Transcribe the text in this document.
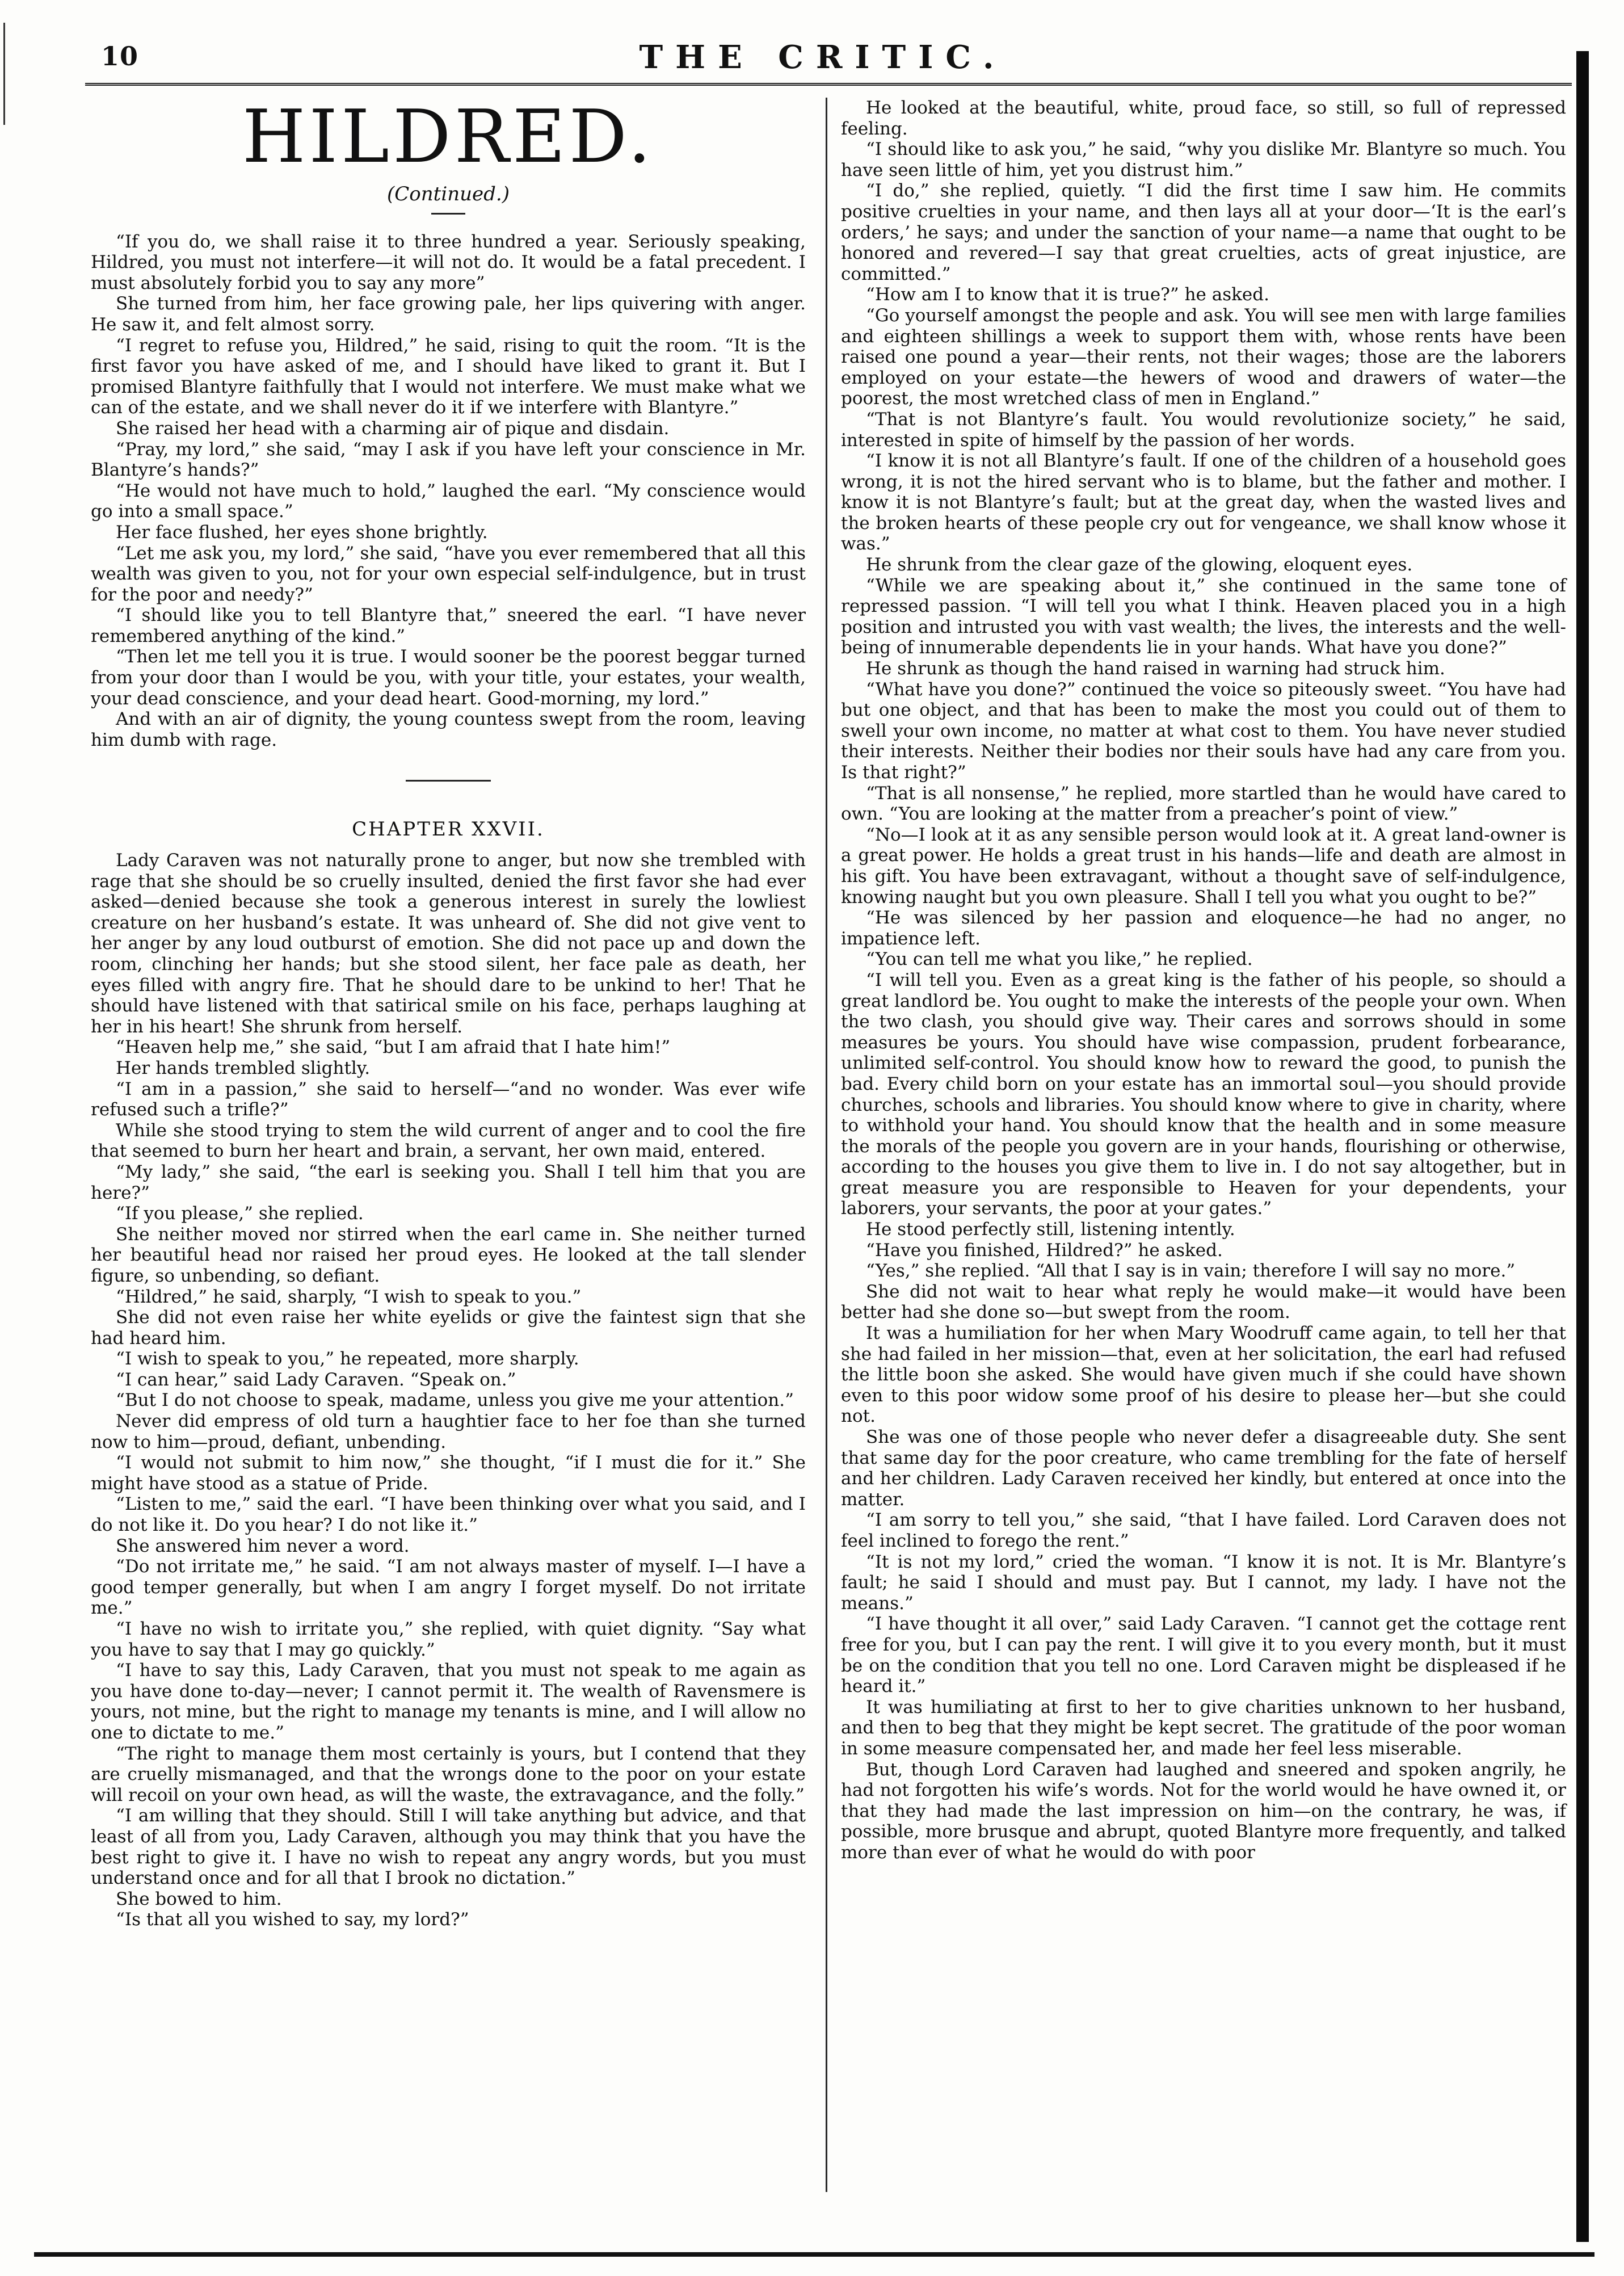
10	THE CRITIC.
HILDRED.
(Continued.)

“If you do, we shall raise it to three hundred a year. Seriously speaking, Hildred, you must not interfere—it will not do. It would be a fatal precedent. I must absolutely forbid you to say any more”

She turned from him, her face growing pale, her lips quivering with anger. He saw it, and felt almost sorry.

“I regret to refuse you, Hildred,” he said, rising to quit the room. “It is the first favor you have asked of me, and I should have liked to grant it. But I promised Blantyre faithfully that I would not interfere. We must make what we can of the estate, and we shall never do it if we interfere with Blantyre.”

She raised her head with a charming air of pique and disdain.

“Pray, my lord,” she said, “may I ask if you have left your conscience in Mr. Blantyre’s hands?”

“He would not have much to hold,” laughed the earl. “My conscience would go into a small space.”

Her face flushed, her eyes shone brightly.

“Let me ask you, my lord,” she said, “have you ever remembered that all this wealth was given to you, not for your own especial self-indulgence, but in trust for the poor and needy?”

“I should like you to tell Blantyre that,” sneered the earl. “I have never remembered anything of the kind.”

“Then let me tell you it is true. I would sooner be the poorest beggar turned from your door than I would be you, with your title, your estates, your wealth, your dead conscience, and your dead heart. Good-morning, my lord.”

And with an air of dignity, the young countess swept from the room, leaving him dumb with rage.

CHAPTER XXVII.

Lady Caraven was not naturally prone to anger, but now she trembled with rage that she should be so cruelly insulted, denied the first favor she had ever asked—denied because she took a generous interest in surely the lowliest creature on her husband’s estate. It was unheard of. She did not give vent to her anger by any loud outburst of emotion. She did not pace up and down the room, clinching her hands; but she stood silent, her face pale as death, her eyes filled with angry fire. That he should dare to be unkind to her! That he should have listened with that satirical smile on his face, perhaps laughing at her in his heart! She shrunk from herself.

“Heaven help me,” she said, “but I am afraid that I hate him!”

Her hands trembled slightly.

“I am in a passion,” she said to herself—“and no wonder. Was ever wife refused such a trifle?”

While she stood trying to stem the wild current of anger and to cool the fire that seemed to burn her heart and brain, a servant, her own maid, entered.

“My lady,” she said, “the earl is seeking you. Shall I tell him that you are here?”

“If you please,” she replied.

She neither moved nor stirred when the earl came in. She neither turned her beautiful head nor raised her proud eyes. He looked at the tall slender figure, so unbending, so defiant.

“Hildred,” he said, sharply, “I wish to speak to you.”

She did not even raise her white eyelids or give the faintest sign that she had heard him.

“I wish to speak to you,” he repeated, more sharply.

“I can hear,” said Lady Caraven. “Speak on.”

“But I do not choose to speak, madame, unless you give me your attention.”

Never did empress of old turn a haughtier face to her foe than she turned now to him—proud, defiant, unbending.

“I would not submit to him now,” she thought, “if I must die for it.” She might have stood as a statue of Pride.

“Listen to me,” said the earl. “I have been thinking over what you said, and I do not like it. Do you hear? I do not like it.”

She answered him never a word.

“Do not irritate me,” he said. “I am not always master of myself. I—I have a good temper generally, but when I am angry I forget myself. Do not irritate me.”

“I have no wish to irritate you,” she replied, with quiet dignity. “Say what you have to say that I may go quickly.”

“I have to say this, Lady Caraven, that you must not speak to me again as you have done to-day—never; I cannot permit it. The wealth of Ravensmere is yours, not mine, but the right to manage my tenants is mine, and I will allow no one to dictate to me.”

“The right to manage them most certainly is yours, but I contend that they are cruelly mismanaged, and that the wrongs done to the poor on your estate will recoil on your own head, as will the waste, the extravagance, and the folly.”

“I am willing that they should. Still I will take anything but advice, and that least of all from you, Lady Caraven, although you may think that you have the best right to give it. I have no wish to repeat any angry words, but you must understand once and for all that I brook no dictation.”

She bowed to him.

“Is that all you wished to say, my lord?”

He looked at the beautiful, white, proud face, so still, so full of repressed feeling.

“I should like to ask you,” he said, “why you dislike Mr. Blantyre so much. You have seen little of him, yet you distrust him.”

“I do,” she replied, quietly. “I did the first time I saw him. He commits positive cruelties in your name, and then lays all at your door—‘It is the earl’s orders,’ he says; and under the sanction of your name—a name that ought to be honored and revered—I say that great cruelties, acts of great injustice, are committed.”

“How am I to know that it is true?” he asked.

“Go yourself amongst the people and ask. You will see men with large families and eighteen shillings a week to support them with, whose rents have been raised one pound a year—their rents, not their wages; those are the laborers employed on your estate—the hewers of wood and drawers of water—the poorest, the most wretched class of men in England.”

“That is not Blantyre’s fault. You would revolutionize society,” he said, interested in spite of himself by the passion of her words.

“I know it is not all Blantyre’s fault. If one of the children of a household goes wrong, it is not the hired servant who is to blame, but the father and mother. I know it is not Blantyre’s fault; but at the great day, when the wasted lives and the broken hearts of these people cry out for vengeance, we shall know whose it was.”

He shrunk from the clear gaze of the glowing, eloquent eyes.

“While we are speaking about it,” she continued in the same tone of repressed passion. “I will tell you what I think. Heaven placed you in a high position and intrusted you with vast wealth; the lives, the interests and the well-being of innumerable dependents lie in your hands. What have you done?”

He shrunk as though the hand raised in warning had struck him.

“What have you done?” continued the voice so piteously sweet. “You have had but one object, and that has been to make the most you could out of them to swell your own income, no matter at what cost to them. You have never studied their interests. Neither their bodies nor their souls have had any care from you. Is that right?”

“That is all nonsense,” he replied, more startled than he would have cared to own. “You are looking at the matter from a preacher’s point of view.”

“No—I look at it as any sensible person would look at it. A great land-owner is a great power. He holds a great trust in his hands—life and death are almost in his gift. You have been extravagant, without a thought save of self-indulgence, knowing naught but you own pleasure. Shall I tell you what you ought to be?”

“He was silenced by her passion and eloquence—he had no anger, no impatience left.

“You can tell me what you like,” he replied.

“I will tell you. Even as a great king is the father of his people, so should a great landlord be. You ought to make the interests of the people your own. When the two clash, you should give way. Their cares and sorrows should in some measures be yours. You should have wise compassion, prudent forbearance, unlimited self-control. You should know how to reward the good, to punish the bad. Every child born on your estate has an immortal soul—you should provide churches, schools and libraries. You should know where to give in charity, where to withhold your hand. You should know that the health and in some measure the morals of the people you govern are in your hands, flourishing or otherwise, according to the houses you give them to live in. I do not say altogether, but in great measure you are responsible to Heaven for your dependents, your laborers, your servants, the poor at your gates.”

He stood perfectly still, listening intently.

“Have you finished, Hildred?” he asked.

“Yes,” she replied. “All that I say is in vain; therefore I will say no more.”

She did not wait to hear what reply he would make—it would have been better had she done so—but swept from the room.

It was a humiliation for her when Mary Woodruff came again, to tell her that she had failed in her mission—that, even at her solicitation, the earl had refused the little boon she asked. She would have given much if she could have shown even to this poor widow some proof of his desire to please her—but she could not.

She was one of those people who never defer a disagreeable duty. She sent that same day for the poor creature, who came trembling for the fate of herself and her children. Lady Caraven received her kindly, but entered at once into the matter.

“I am sorry to tell you,” she said, “that I have failed. Lord Caraven does not feel inclined to forego the rent.”

“It is not my lord,” cried the woman. “I know it is not. It is Mr. Blantyre’s fault; he said I should and must pay. But I cannot, my lady. I have not the means.”

“I have thought it all over,” said Lady Caraven. “I cannot get the cottage rent free for you, but I can pay the rent. I will give it to you every month, but it must be on the condition that you tell no one. Lord Caraven might be displeased if he heard it.”

It was humiliating at first to her to give charities unknown to her husband, and then to beg that they might be kept secret. The gratitude of the poor woman in some measure compensated her, and made her feel less miserable.

But, though Lord Caraven had laughed and sneered and spoken angrily, he had not forgotten his wife’s words. Not for the world would he have owned it, or that they had made the last impression on him—on the contrary, he was, if possible, more brusque and abrupt, quoted Blantyre more frequently, and talked more than ever of what he would do with poor
